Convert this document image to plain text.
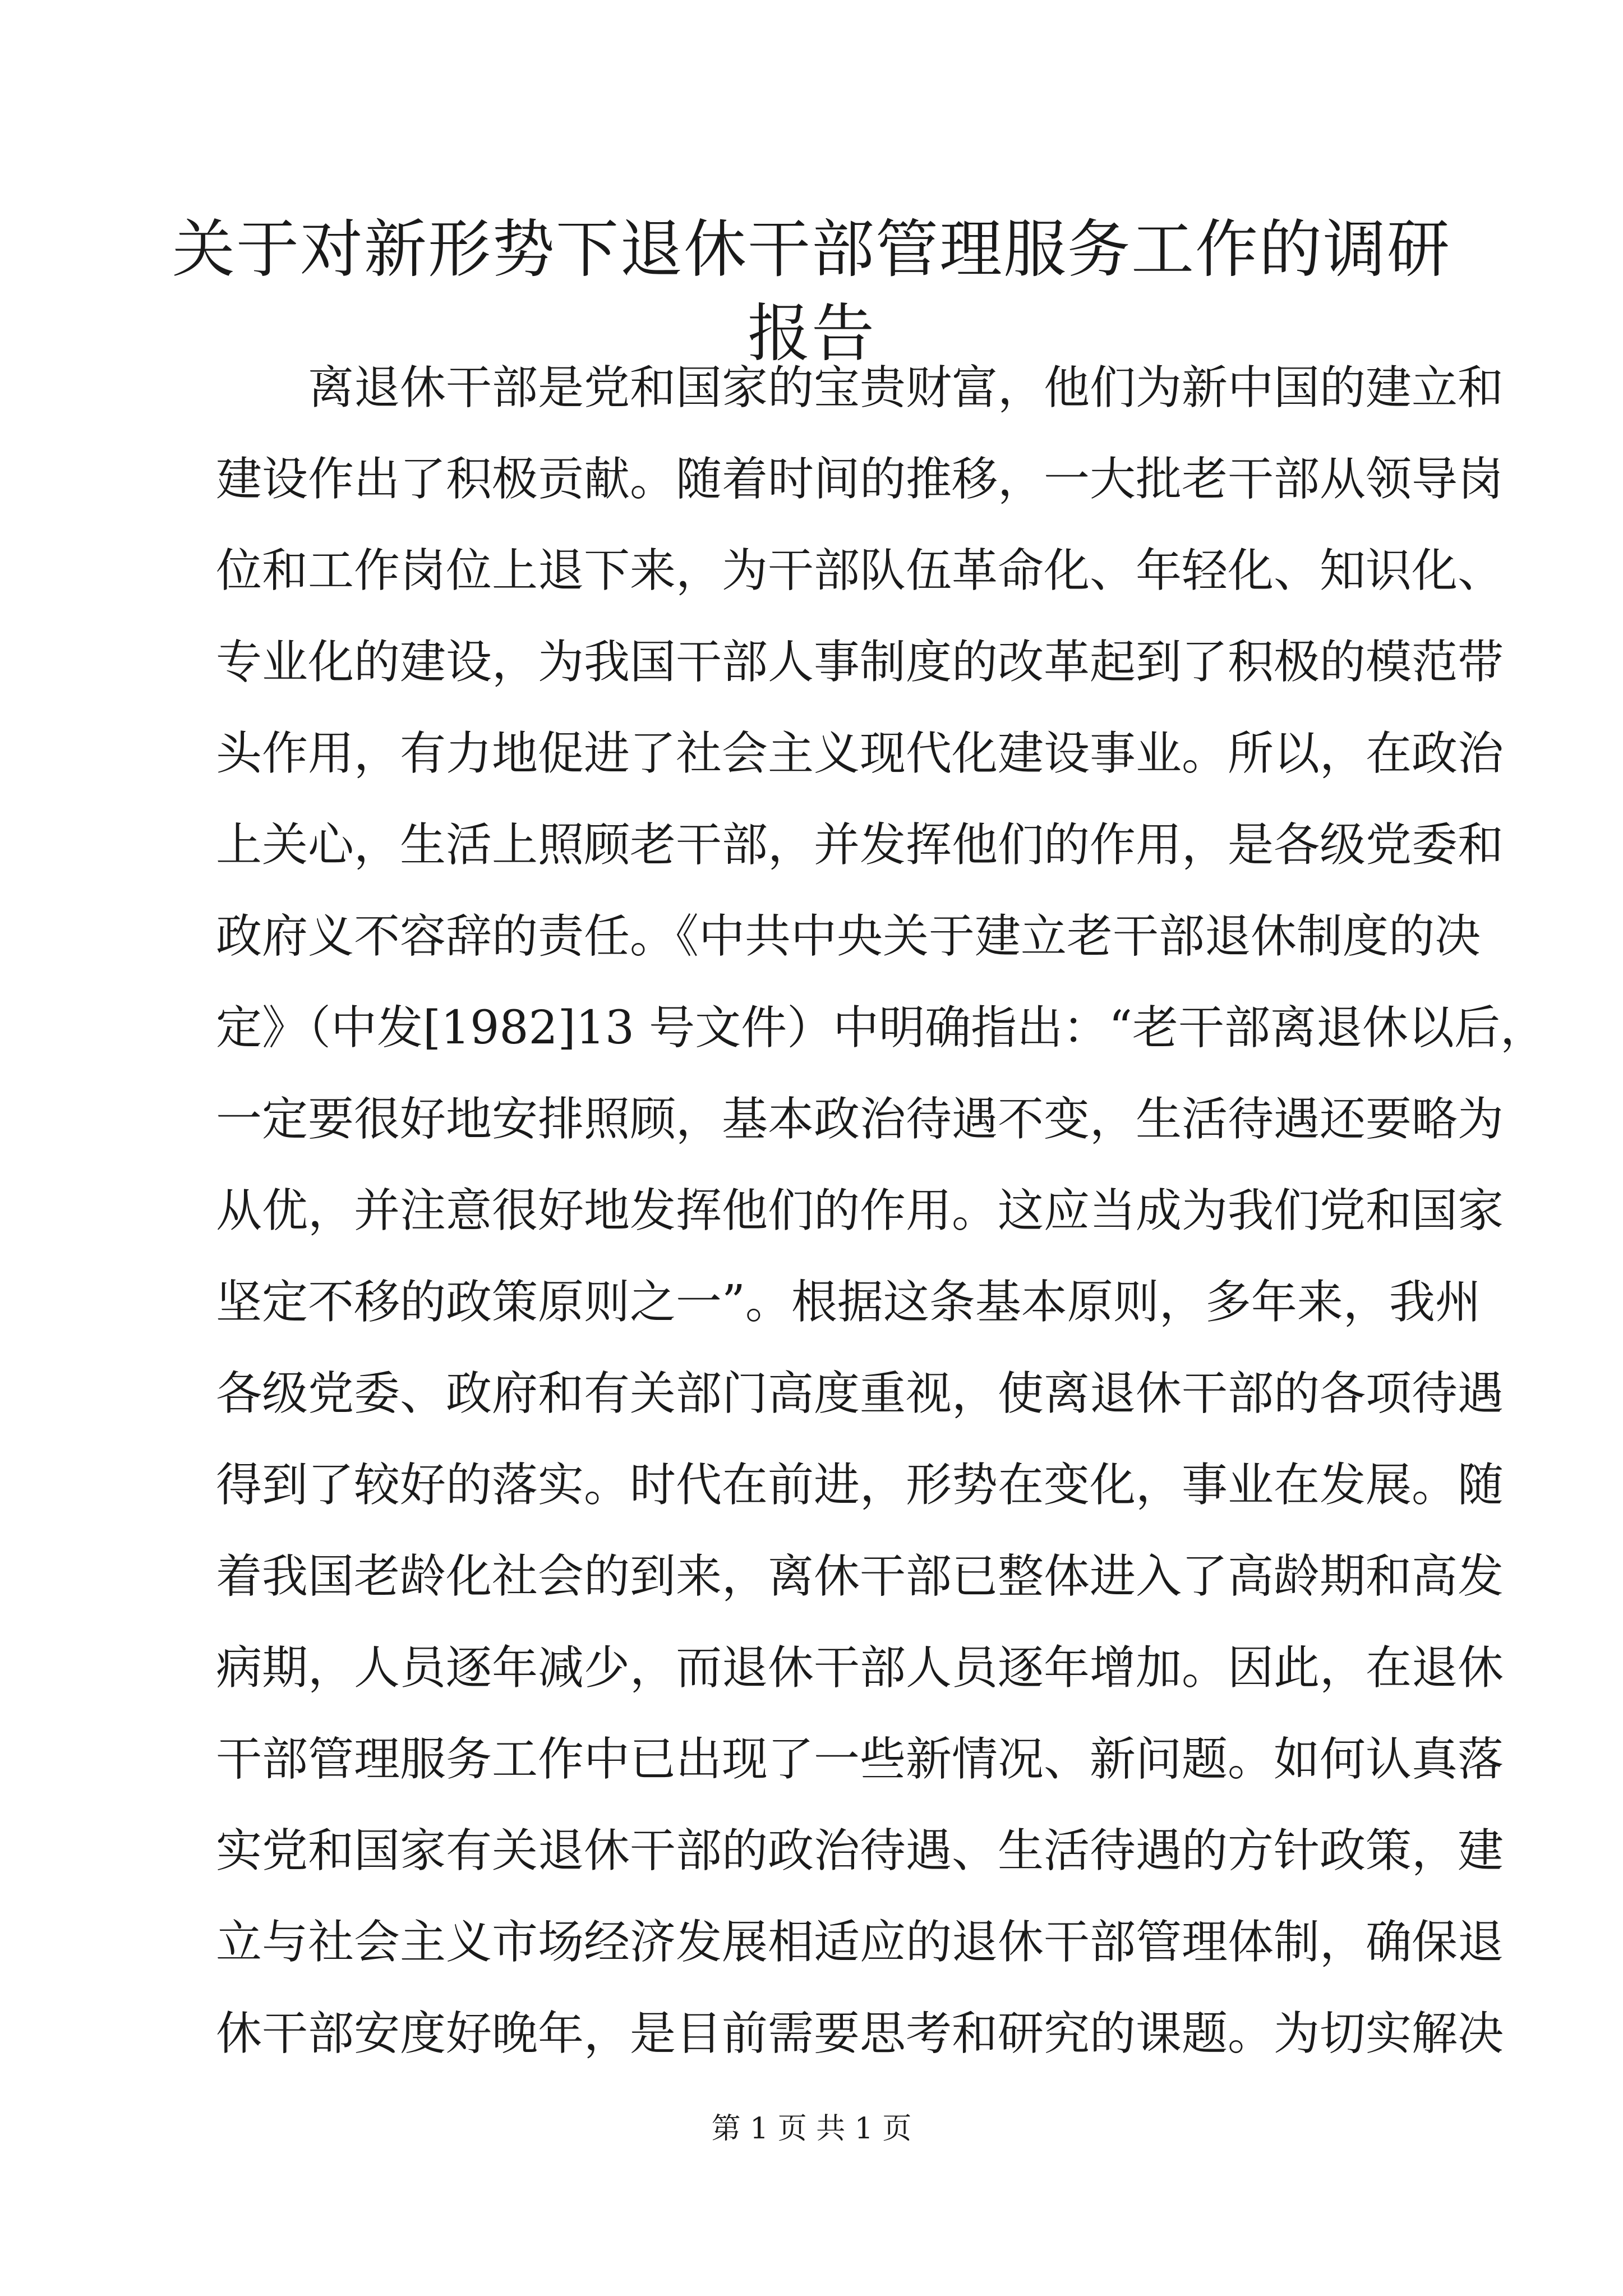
关于对新形势下退休干部管理服务工作的调研
报告
离退休干部是党和国家的宝贵财富，他们为新中国的建立和
建设作出了积极贡献。随着时间的推移，一大批老干部从领导岗
位和工作岗位上退下来，为干部队伍革命化、年轻化、知识化、
专业化的建设，为我国干部人事制度的改革起到了积极的模范带
头作用，有力地促进了社会主义现代化建设事业。所以，在政治
上关心，生活上照顾老干部，并发挥他们的作用，是各级党委和
政府义不容辞的责任。《中共中央关于建立老干部退休制度的决
定》（中发[1982]13 号文件）中明确指出：“老干部离退休以后，
一定要很好地安排照顾，基本政治待遇不变，生活待遇还要略为
从优，并注意很好地发挥他们的作用。这应当成为我们党和国家
坚定不移的政策原则之一”。根据这条基本原则，多年来，我州
各级党委、政府和有关部门高度重视，使离退休干部的各项待遇
得到了较好的落实。时代在前进，形势在变化，事业在发展。随
着我国老龄化社会的到来，离休干部已整体进入了高龄期和高发
病期，人员逐年减少，而退休干部人员逐年增加。因此，在退休
干部管理服务工作中已出现了一些新情况、新问题。如何认真落
实党和国家有关退休干部的政治待遇、生活待遇的方针政策，建
立与社会主义市场经济发展相适应的退休干部管理体制，确保退
休干部安度好晚年，是目前需要思考和研究的课题。为切实解决
第 1 页 共 1 页
